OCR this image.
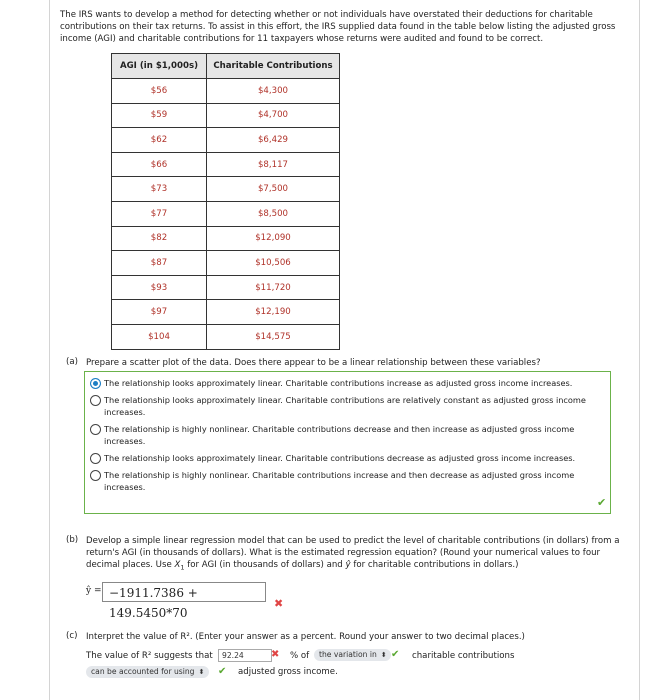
The IRS wants to develop a method for detecting whether or not individuals have overstated their deductions for charitable contributions on their tax returns. To assist in this effort, the IRS supplied data found in the table below listing the adjusted gross income (AGI) and charitable contributions for 11 taxpayers whose returns were audited and found to be correct.
AGI (in $1,000s)	Charitable Contributions
$56	$4,300
$59	$4,700
$62	$6,429
$66	$8,117
$73	$7,500
$77	$8,500
$82	$12,090
$87	$10,506
$93	$11,720
$97	$12,190
$104	$14,575
(a) Prepare a scatter plot of the data. Does there appear to be a linear relationship between these variables?
The relationship looks approximately linear. Charitable contributions increase as adjusted gross income increases.
The relationship looks approximately linear. Charitable contributions are relatively constant as adjusted gross income increases.
The relationship is highly nonlinear. Charitable contributions decrease and then increase as adjusted gross income increases.
The relationship looks approximately linear. Charitable contributions decrease as adjusted gross income increases.
The relationship is highly nonlinear. Charitable contributions increase and then decrease as adjusted gross income increases.
✔
(b) Develop a simple linear regression model that can be used to predict the level of charitable contributions (in dollars) from a return's AGI (in thousands of dollars). What is the estimated regression equation? (Round your numerical values to four decimal places. Use $X_1$ for AGI (in thousands of dollars) and ŷ for charitable contributions in dollars.)
ŷ = −1911.7386 + 149.5450*70
✖
(c) Interpret the value of R². (Enter your answer as a percent. Round your answer to two decimal places.)
The value of R² suggests that	92.24	✖ % of	the variation in ⬍ ✔ charitable contributions
can be accounted for using ⬍ ✔ adjusted gross income.
